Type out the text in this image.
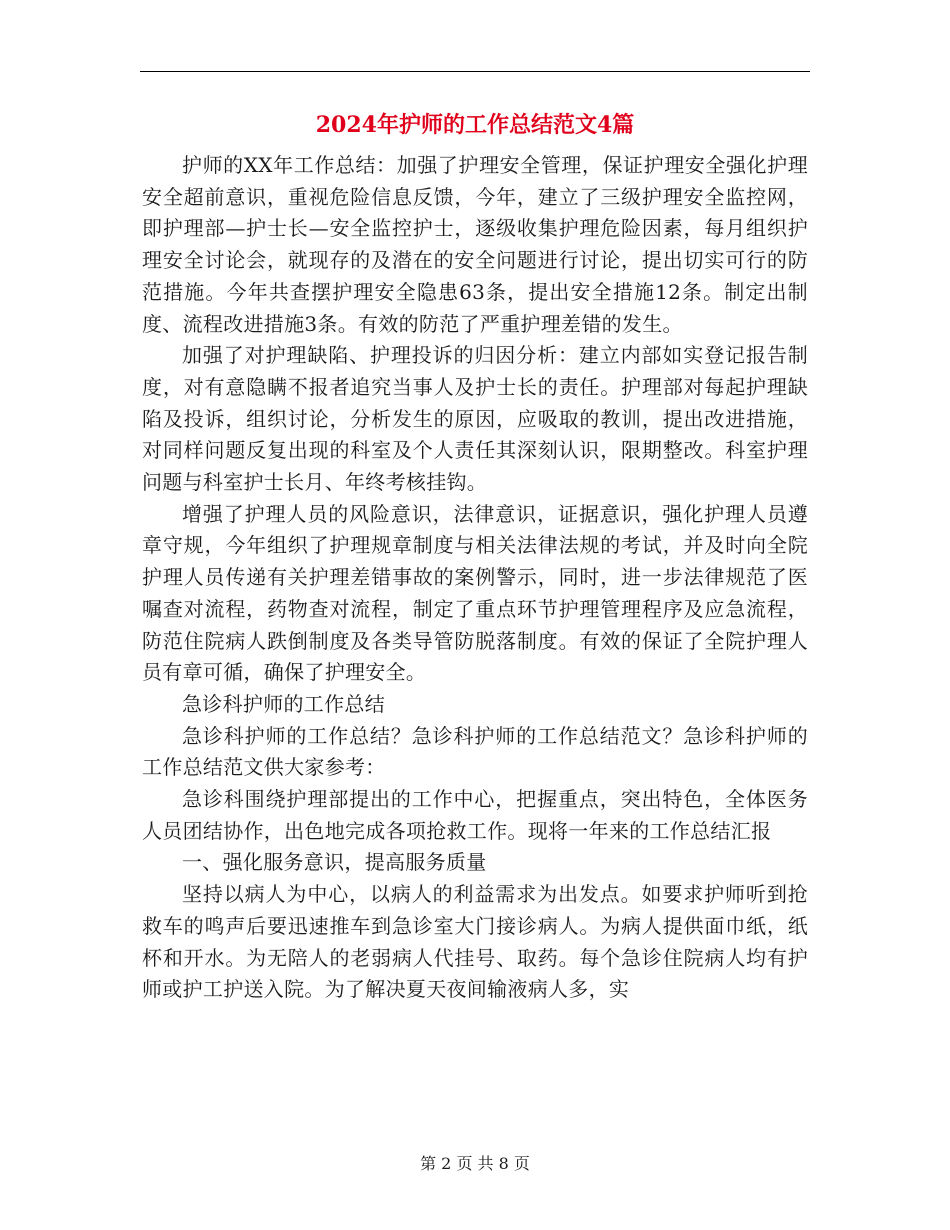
2024年护师的工作总结范文4篇

护师的XX年工作总结：加强了护理安全管理，保证护理安全强化护理安全超前意识，重视危险信息反馈，今年，建立了三级护理安全监控网，即护理部—护士长—安全监控护士，逐级收集护理危险因素，每月组织护理安全讨论会，就现存的及潜在的安全问题进行讨论，提出切实可行的防范措施。今年共查摆护理安全隐患63条，提出安全措施12条。制定出制度、流程改进措施3条。有效的防范了严重护理差错的发生。

加强了对护理缺陷、护理投诉的归因分析：建立内部如实登记报告制度，对有意隐瞒不报者追究当事人及护士长的责任。护理部对每起护理缺陷及投诉，组织讨论，分析发生的原因，应吸取的教训，提出改进措施，对同样问题反复出现的科室及个人责任其深刻认识，限期整改。科室护理问题与科室护士长月、年终考核挂钩。

增强了护理人员的风险意识，法律意识，证据意识，强化护理人员遵章守规，今年组织了护理规章制度与相关法律法规的考试，并及时向全院护理人员传递有关护理差错事故的案例警示，同时，进一步法律规范了医嘱查对流程，药物查对流程，制定了重点环节护理管理程序及应急流程，防范住院病人跌倒制度及各类导管防脱落制度。有效的保证了全院护理人员有章可循，确保了护理安全。

急诊科护师的工作总结

急诊科护师的工作总结？急诊科护师的工作总结范文？急诊科护师的工作总结范文供大家参考：

急诊科围绕护理部提出的工作中心，把握重点，突出特色，全体医务人员团结协作，出色地完成各项抢救工作。现将一年来的工作总结汇报

一、强化服务意识，提高服务质量

坚持以病人为中心，以病人的利益需求为出发点。如要求护师听到抢救车的鸣声后要迅速推车到急诊室大门接诊病人。为病人提供面巾纸，纸杯和开水。为无陪人的老弱病人代挂号、取药。每个急诊住院病人均有护师或护工护送入院。为了解决夏天夜间输液病人多，实

第 2 页 共 8 页
